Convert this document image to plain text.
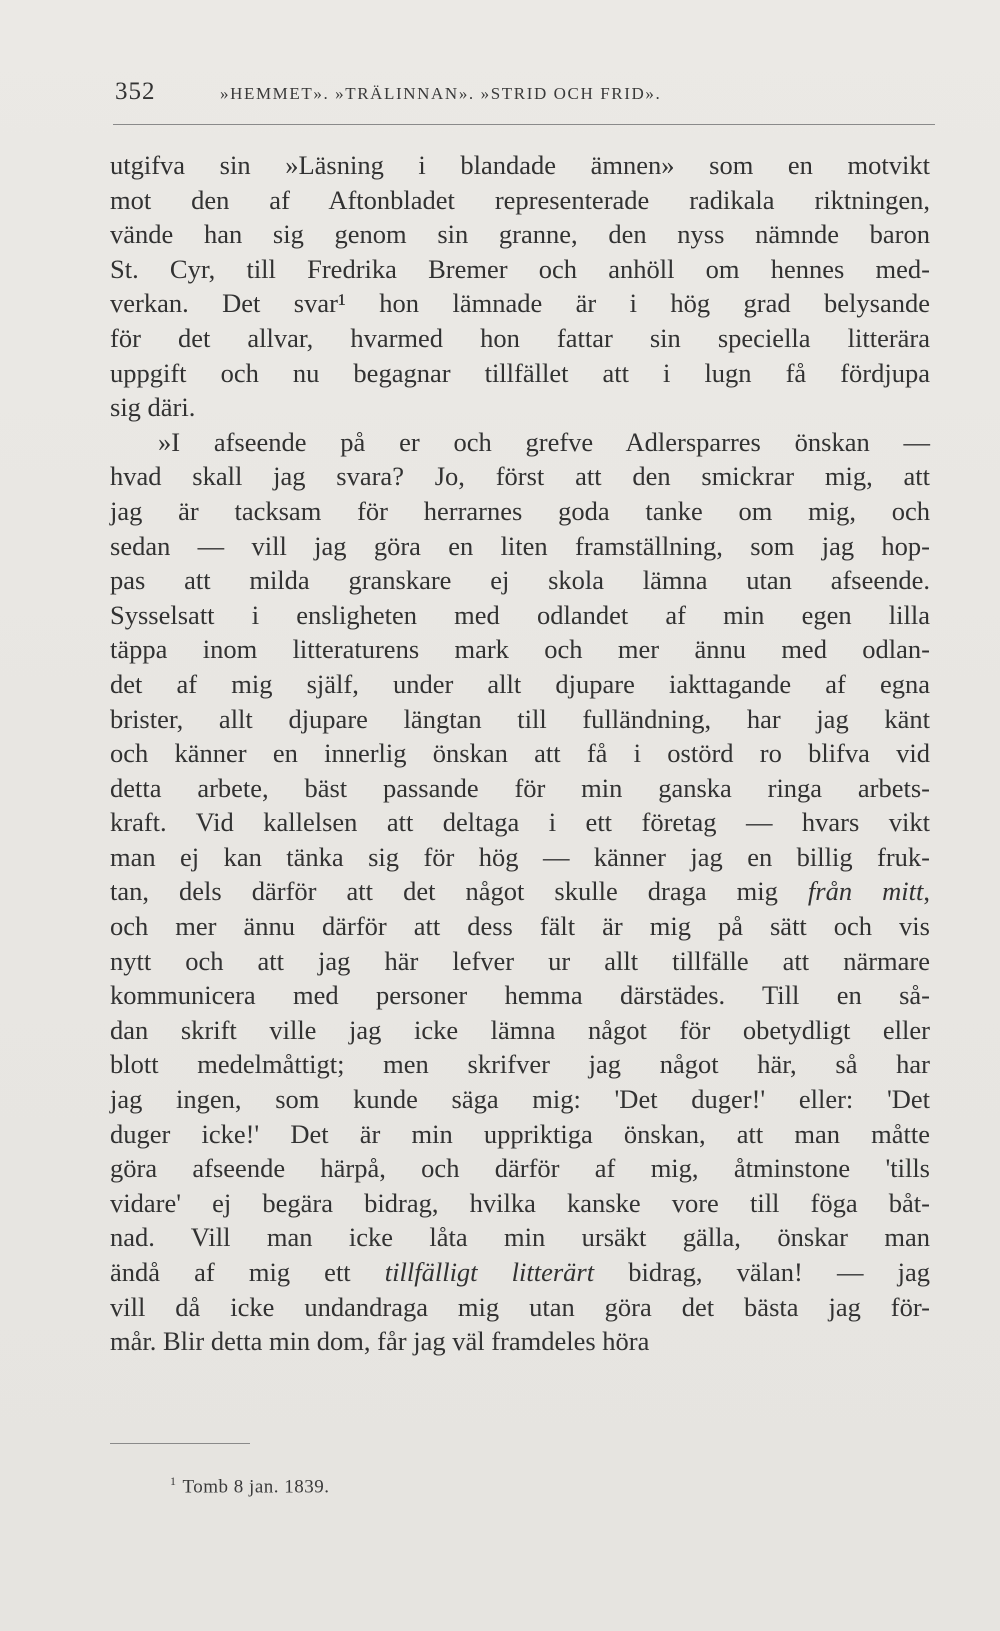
352	»HEMMET». »TRÄLINNAN». »STRID OCH FRID».
utgifva sin »Läsning i blandade ämnen» som en motvikt
mot den af Aftonbladet representerade radikala riktningen,
vände han sig genom sin granne, den nyss nämnde baron
St. Cyr, till Fredrika Bremer och anhöll om hennes med-
verkan. Det svar¹ hon lämnade är i hög grad belysande
för det allvar, hvarmed hon fattar sin speciella litterära
uppgift och nu begagnar tillfället att i lugn få fördjupa
sig däri.
»I afseende på er och grefve Adlersparres önskan —
hvad skall jag svara? Jo, först att den smickrar mig, att
jag är tacksam för herrarnes goda tanke om mig, och
sedan — vill jag göra en liten framställning, som jag hop-
pas att milda granskare ej skola lämna utan afseende.
Sysselsatt i ensligheten med odlandet af min egen lilla
täppa inom litteraturens mark och mer ännu med odlan-
det af mig själf, under allt djupare iakttagande af egna
brister, allt djupare längtan till fulländning, har jag känt
och känner en innerlig önskan att få i ostörd ro blifva vid
detta arbete, bäst passande för min ganska ringa arbets-
kraft. Vid kallelsen att deltaga i ett företag — hvars vikt
man ej kan tänka sig för hög — känner jag en billig fruk-
tan, dels därför att det något skulle draga mig från mitt,
och mer ännu därför att dess fält är mig på sätt och vis
nytt och att jag här lefver ur allt tillfälle att närmare
kommunicera med personer hemma därstädes. Till en så-
dan skrift ville jag icke lämna något för obetydligt eller
blott medelmåttigt; men skrifver jag något här, så har
jag ingen, som kunde säga mig: 'Det duger!' eller: 'Det
duger icke!' Det är min uppriktiga önskan, att man måtte
göra afseende härpå, och därför af mig, åtminstone 'tills
vidare' ej begära bidrag, hvilka kanske vore till föga båt-
nad. Vill man icke låta min ursäkt gälla, önskar man
ändå af mig ett tillfälligt litterärt bidrag, välan! — jag
vill då icke undandraga mig utan göra det bästa jag för-
mår. Blir detta min dom, får jag väl framdeles höra
$^1$ Tomb 8 jan. 1839.
